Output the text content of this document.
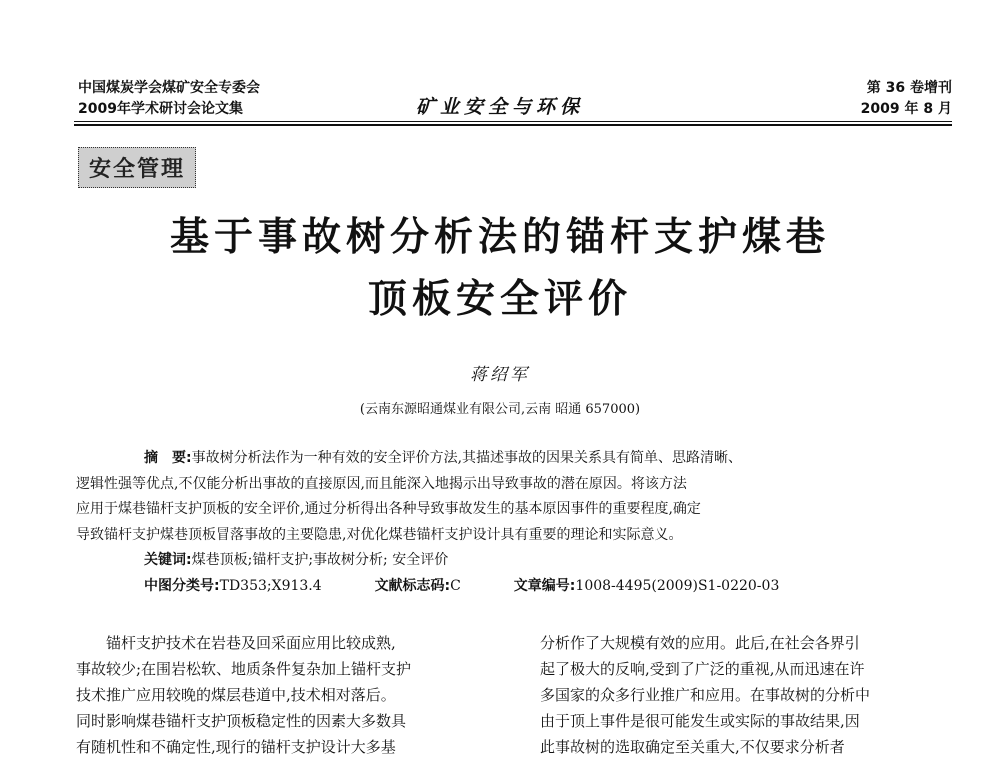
中国煤炭学会煤矿安全专委会
2009年学术研讨会论文集	矿业安全与环保
第 36 卷增刊
2009 年 8 月
安全管理
基于事故树分析法的锚杆支护煤巷
顶板安全评价
蒋绍军
(云南东源昭通煤业有限公司,云南 昭通 657000)
摘　要:事故树分析法作为一种有效的安全评价方法,其描述事故的因果关系具有简单、思路清晰、
逻辑性强等优点,不仅能分析出事故的直接原因,而且能深入地揭示出导致事故的潜在原因。将该方法
应用于煤巷锚杆支护顶板的安全评价,通过分析得出各种导致事故发生的基本原因事件的重要程度,确定
导致锚杆支护煤巷顶板冒落事故的主要隐患,对优化煤巷锚杆支护设计具有重要的理论和实际意义。
关键词:煤巷顶板;锚杆支护;事故树分析; 安全评价
中图分类号:TD353;X913.4	文献标志码:C	文章编号:1008-4495(2009)S1-0220-03
锚杆支护技术在岩巷及回采面应用比较成熟,
事故较少;在围岩松软、地质条件复杂加上锚杆支护
技术推广应用较晚的煤层巷道中,技术相对落后。
同时影响煤巷锚杆支护顶板稳定性的因素大多数具
有随机性和不确定性,现行的锚杆支护设计大多基
分析作了大规模有效的应用。此后,在社会各界引
起了极大的反响,受到了广泛的重视,从而迅速在许
多国家的众多行业推广和应用。在事故树的分析中
由于顶上事件是很可能发生或实际的事故结果,因
此事故树的选取确定至关重大,不仅要求分析者
